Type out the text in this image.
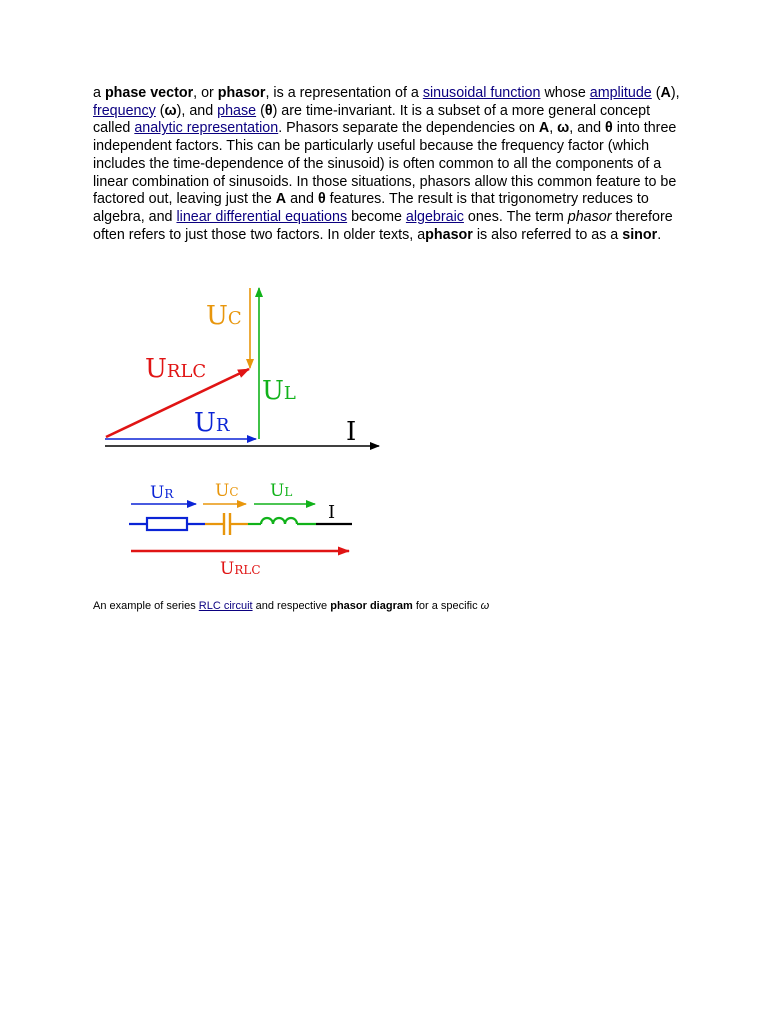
a phase vector, or phasor, is a representation of a sinusoidal function whose amplitude (A), frequency (ω), and phase (θ) are time-invariant. It is a subset of a more general concept called analytic representation. Phasors separate the dependencies on A, ω, and θ into three independent factors. This can be particularly useful because the frequency factor (which includes the time-dependence of the sinusoid) is often common to all the components of a linear combination of sinusoids. In those situations, phasors allow this common feature to be factored out, leaving just the A and θ features. The result is that trigonometry reduces to algebra, and linear differential equations become algebraic ones. The term phasor therefore often refers to just those two factors. In older texts, aphasor is also referred to as a sinor.

UC
URLC
UL
UR	I
UR UC UL
I
URLC

An example of series RLC circuit and respective phasor diagram for a specific ω
